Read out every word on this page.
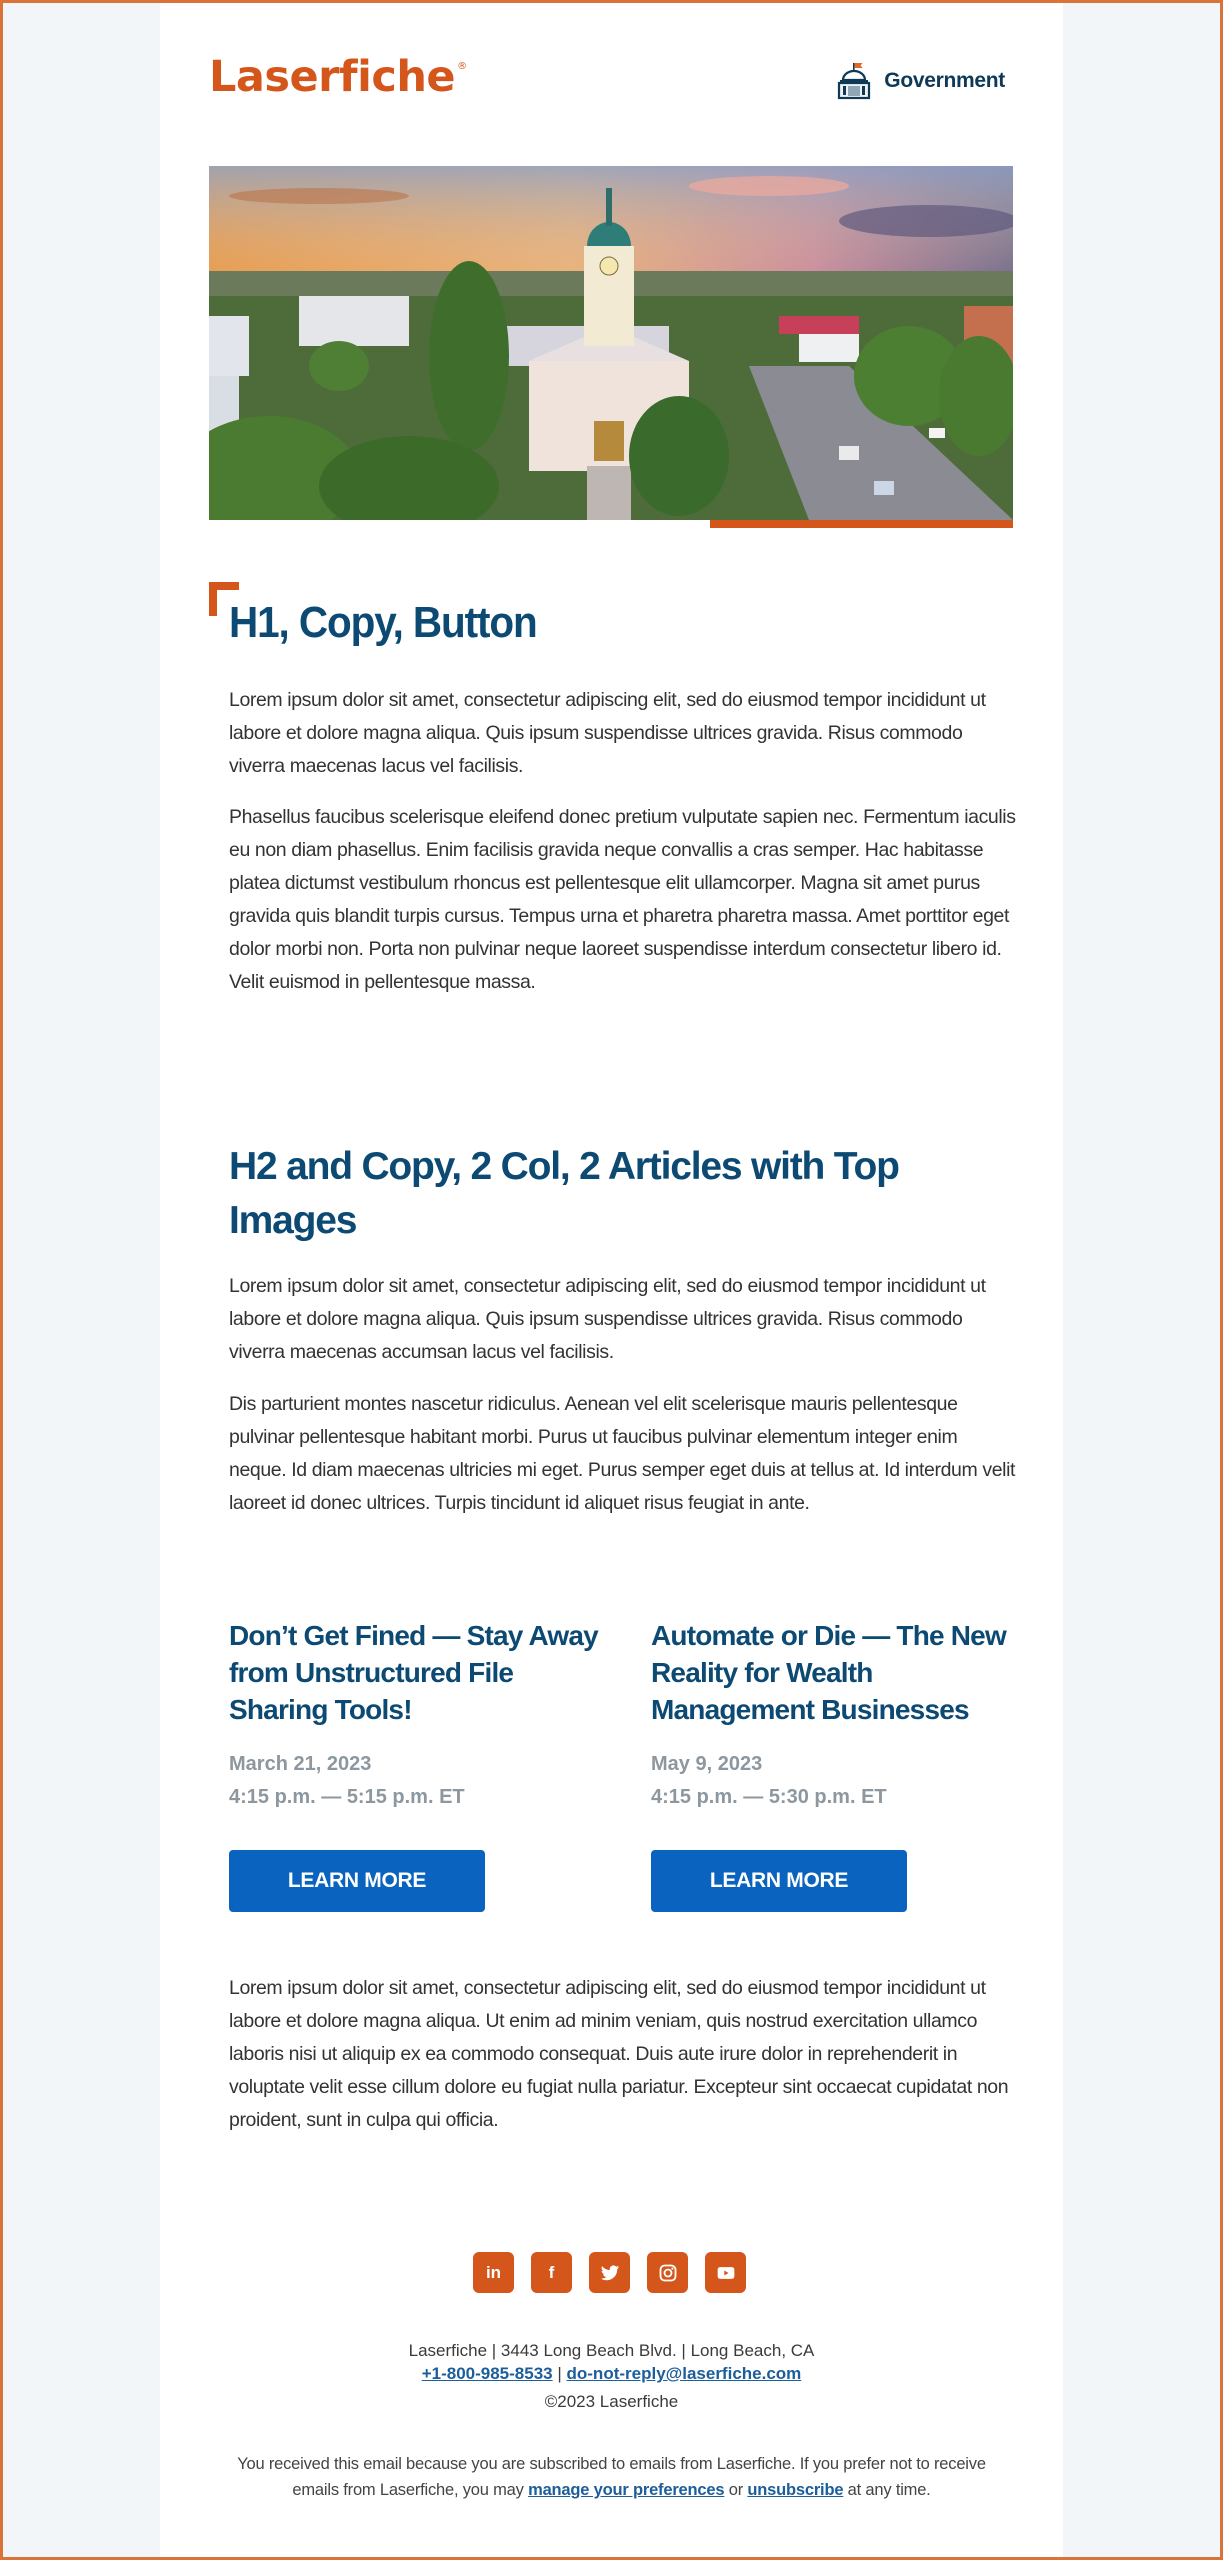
Laserfiche ®
Government
H1, Copy, Button

Lorem ipsum dolor sit amet, consectetur adipiscing elit, sed do eiusmod tempor incididunt ut labore et dolore magna aliqua. Quis ipsum suspendisse ultrices gravida. Risus commodo viverra maecenas lacus vel facilisis.

Phasellus faucibus scelerisque eleifend donec pretium vulputate sapien nec. Fermentum iaculis eu non diam phasellus. Enim facilisis gravida neque convallis a cras semper. Hac habitasse platea dictumst vestibulum rhoncus est pellentesque elit ullamcorper. Magna sit amet purus gravida quis blandit turpis cursus. Tempus urna et pharetra pharetra massa. Amet porttitor eget dolor morbi non. Porta non pulvinar neque laoreet suspendisse interdum consectetur libero id. Velit euismod in pellentesque massa.

H2 and Copy, 2 Col, 2 Articles with Top Images

Lorem ipsum dolor sit amet, consectetur adipiscing elit, sed do eiusmod tempor incididunt ut labore et dolore magna aliqua. Quis ipsum suspendisse ultrices gravida. Risus commodo viverra maecenas accumsan lacus vel facilisis.

Dis parturient montes nascetur ridiculus. Aenean vel elit scelerisque mauris pellentesque pulvinar pellentesque habitant morbi. Purus ut faucibus pulvinar elementum integer enim neque. Id diam maecenas ultricies mi eget. Purus semper eget duis at tellus at. Id interdum velit laoreet id donec ultrices. Turpis tincidunt id aliquet risus feugiat in ante.

Don’t Get Fined — Stay Away from Unstructured File Sharing Tools!
March 21, 2023
4:15 p.m. — 5:15 p.m. ET
LEARN MORE
Automate or Die — The New Reality for Wealth Management Businesses
May 9, 2023
4:15 p.m. — 5:30 p.m. ET
LEARN MORE

Lorem ipsum dolor sit amet, consectetur adipiscing elit, sed do eiusmod tempor incididunt ut labore et dolore magna aliqua. Ut enim ad minim veniam, quis nostrud exercitation ullamco laboris nisi ut aliquip ex ea commodo consequat. Duis aute irure dolor in reprehenderit in voluptate velit esse cillum dolore eu fugiat nulla pariatur. Excepteur sint occaecat cupidatat non proident, sunt in culpa qui officia.

in	f
Laserfiche | 3443 Long Beach Blvd. | Long Beach, CA
+1-800-985-8533 | do-not-reply@laserfiche.com
©2023 Laserfiche
You received this email because you are subscribed to emails from Laserfiche. If you prefer not to receive emails from Laserfiche, you may manage your preferences or unsubscribe at any time.
